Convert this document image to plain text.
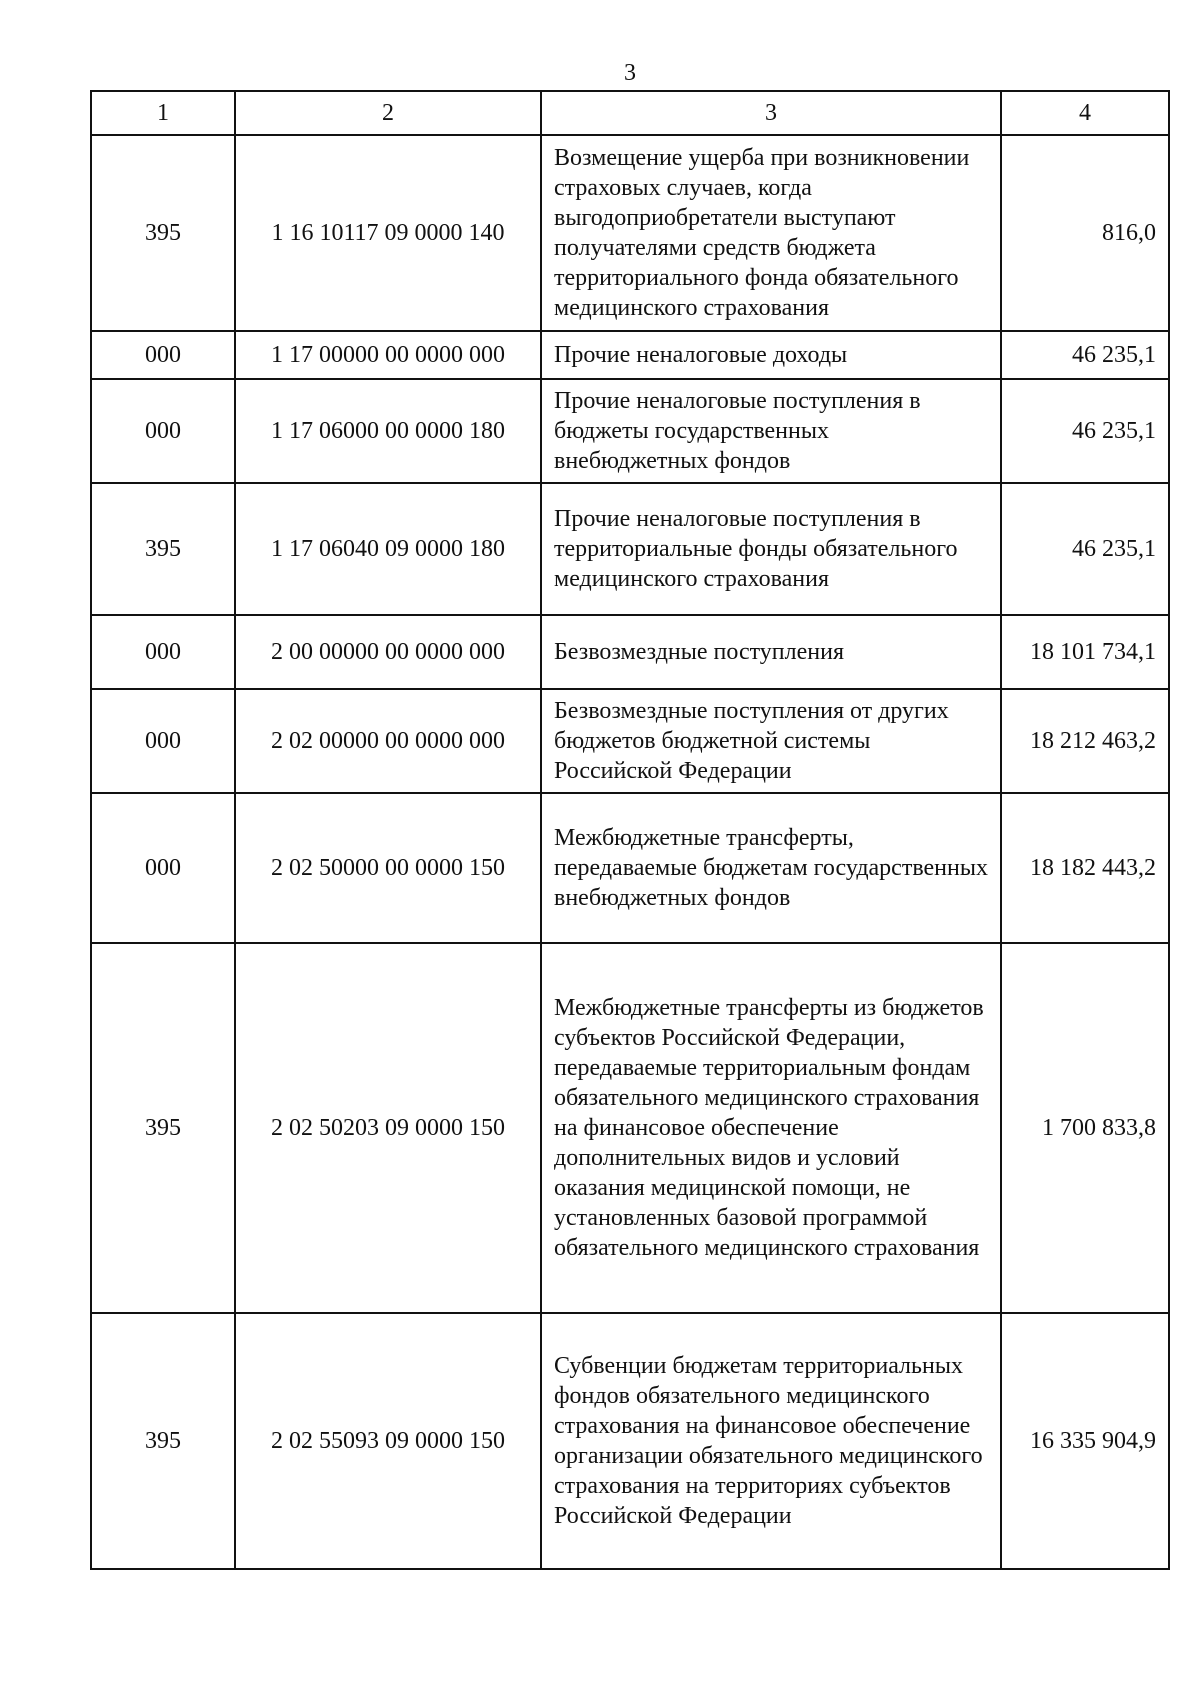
3
1	2	3	4
395	1 16 10117 09 0000 140	Возмещение ущерба при возникновении страховых случаев, когда выгодоприобретатели выступают получателями средств бюджета территориального фонда обязательного медицинского страхования	816,0
000	1 17 00000 00 0000 000	Прочие неналоговые доходы	46 235,1
000	1 17 06000 00 0000 180	Прочие неналоговые поступления в бюджеты государственных внебюджетных фондов	46 235,1
395	1 17 06040 09 0000 180	Прочие неналоговые поступления в территориальные фонды обязательного медицинского страхования	46 235,1
000	2 00 00000 00 0000 000	Безвозмездные поступления	18 101 734,1
000	2 02 00000 00 0000 000	Безвозмездные поступления от других бюджетов бюджетной системы Российской Федерации	18 212 463,2
000	2 02 50000 00 0000 150	Межбюджетные трансферты, передаваемые бюджетам государственных внебюджетных фондов	18 182 443,2
395	2 02 50203 09 0000 150	Межбюджетные трансферты из бюджетов субъектов Российской Федерации, передаваемые территориальным фондам обязательного медицинского страхования на финансовое обеспечение дополнительных видов и условий оказания медицинской помощи, не установленных базовой программой обязательного медицинского страхования	1 700 833,8
395	2 02 55093 09 0000 150	Субвенции бюджетам территориальных фондов обязательного медицинского страхования на финансовое обеспечение организации обязательного медицинского страхования на территориях субъектов Российской Федерации	16 335 904,9
